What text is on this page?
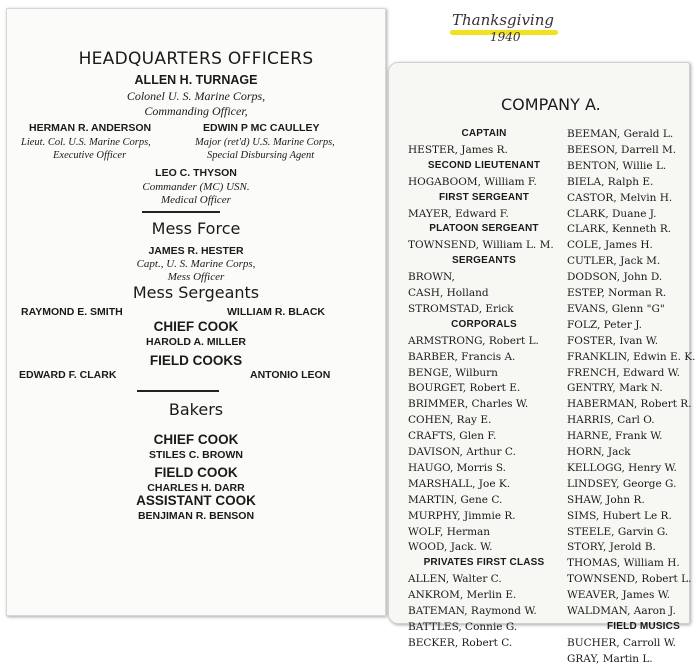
HEADQUARTERS OFFICERS
ALLEN H. TURNAGE
Colonel U. S. Marine Corps,
Commanding Officer,
HERMAN R. ANDERSON
Lieut. Col. U.S. Marine Corps,
Executive Officer
EDWIN P MC CAULLEY
Major (ret'd) U.S. Marine Corps,
Special Disbursing Agent
LEO C. THYSON
Commander (MC) USN.
Medical Officer
Mess Force
JAMES R. HESTER
Capt., U. S. Marine Corps,
Mess Officer
Mess Sergeants
RAYMOND E. SMITH	WILLIAM R. BLACK
CHIEF COOK
HAROLD A. MILLER
FIELD COOKS
EDWARD F. CLARK	ANTONIO LEON
Bakers
CHIEF COOK
STILES C. BROWN
FIELD COOK
CHARLES H. DARR
ASSISTANT COOK
BENJIMAN R. BENSON
Thanksgiving
1940
COMPANY A.
CAPTAIN
HESTER, James R.
SECOND LIEUTENANT
HOGABOOM, William F.
FIRST SERGEANT
MAYER, Edward F.
PLATOON SERGEANT
TOWNSEND, William L. M.
SERGEANTS
BROWN,
CASH, Holland
STROMSTAD, Erick
CORPORALS
ARMSTRONG, Robert L.
BARBER, Francis A.
BENGE, Wilburn
BOURGET, Robert E.
BRIMMER, Charles W.
COHEN, Ray E.
CRAFTS, Glen F.
DAVISON, Arthur C.
HAUGO, Morris S.
MARSHALL, Joe K.
MARTIN, Gene C.
MURPHY, Jimmie R.
WOLF, Herman
WOOD, Jack. W.
PRIVATES FIRST CLASS
ALLEN, Walter C.
ANKROM, Merlin E.
BATEMAN, Raymond W.
BATTLES, Connie G.
BECKER, Robert C.
BEEMAN, Gerald L.
BEESON, Darrell M.
BENTON, Willie L.
BIELA, Ralph E.
CASTOR, Melvin H.
CLARK, Duane J.
CLARK, Kenneth R.
COLE, James H.
CUTLER, Jack M.
DODSON, John D.
ESTEP, Norman R.
EVANS, Glenn "G"
FOLZ, Peter J.
FOSTER, Ivan W.
FRANKLIN, Edwin E. K.
FRENCH, Edward W.
GENTRY, Mark N.
HABERMAN, Robert R.
HARRIS, Carl O.
HARNE, Frank W.
HORN, Jack
KELLOGG, Henry W.
LINDSEY, George G.
SHAW, John R.
SIMS, Hubert Le R.
STEELE, Garvin G.
STORY, Jerold B.
THOMAS, William H.
TOWNSEND, Robert L.
WEAVER, James W.
WALDMAN, Aaron J.
FIELD MUSICS
BUCHER, Carroll W.
GRAY, Martin L.
